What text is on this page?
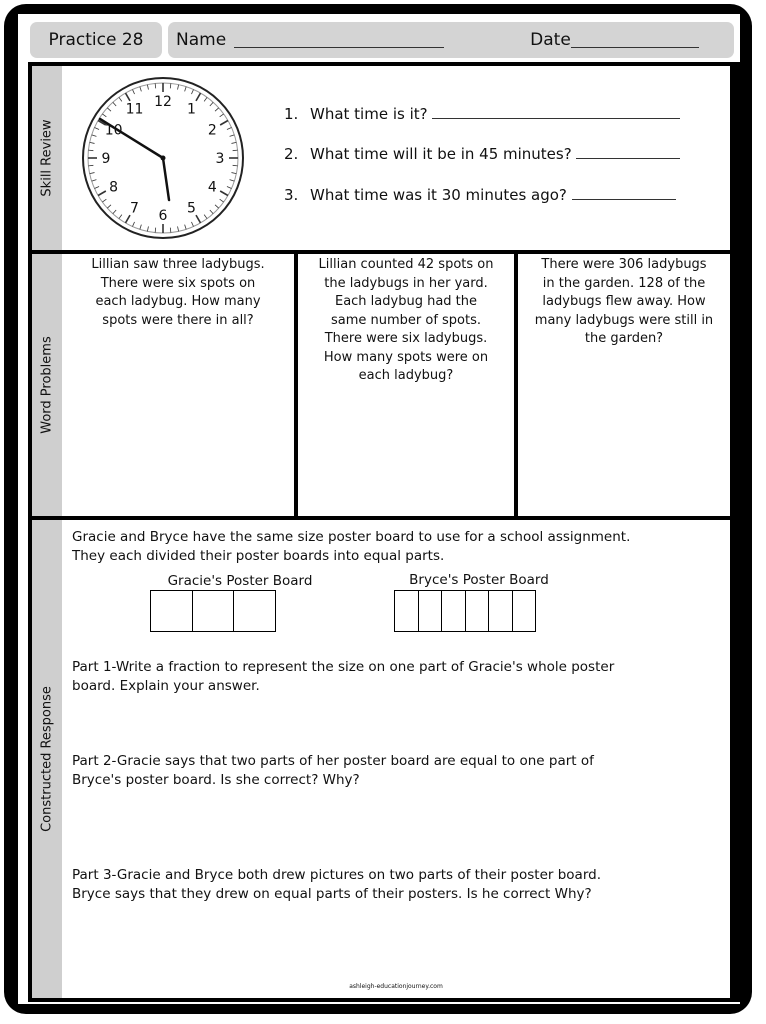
Practice 28 Name	Date
Skill Review
Word Problems
Constructed Response
12 1
2
3
4
5
6
7
8
9
10
11	1. What time is it?
2. What time will it be in 45 minutes?
3. What time was it 30 minutes ago?
Lillian saw three ladybugs.
There were six spots on
each ladybug. How many
spots were there in all?
Lillian counted 42 spots on
the ladybugs in her yard.
Each ladybug had the
same number of spots.
There were six ladybugs.
How many spots were on
each ladybug?
There were 306 ladybugs
in the garden. 128 of the
ladybugs flew away. How
many ladybugs were still in
the garden?
Gracie and Bryce have the same size poster board to use for a school assignment.
They each divided their poster boards into equal parts.
Gracie's Poster Board	Bryce's Poster Board
Part 1-Write a fraction to represent the size on one part of Gracie's whole poster
board. Explain your answer.
Part 2-Gracie says that two parts of her poster board are equal to one part of
Bryce's poster board. Is she correct? Why?
Part 3-Gracie and Bryce both drew pictures on two parts of their poster board.
Bryce says that they drew on equal parts of their posters. Is he correct Why?
ashleigh-educationjourney.com
